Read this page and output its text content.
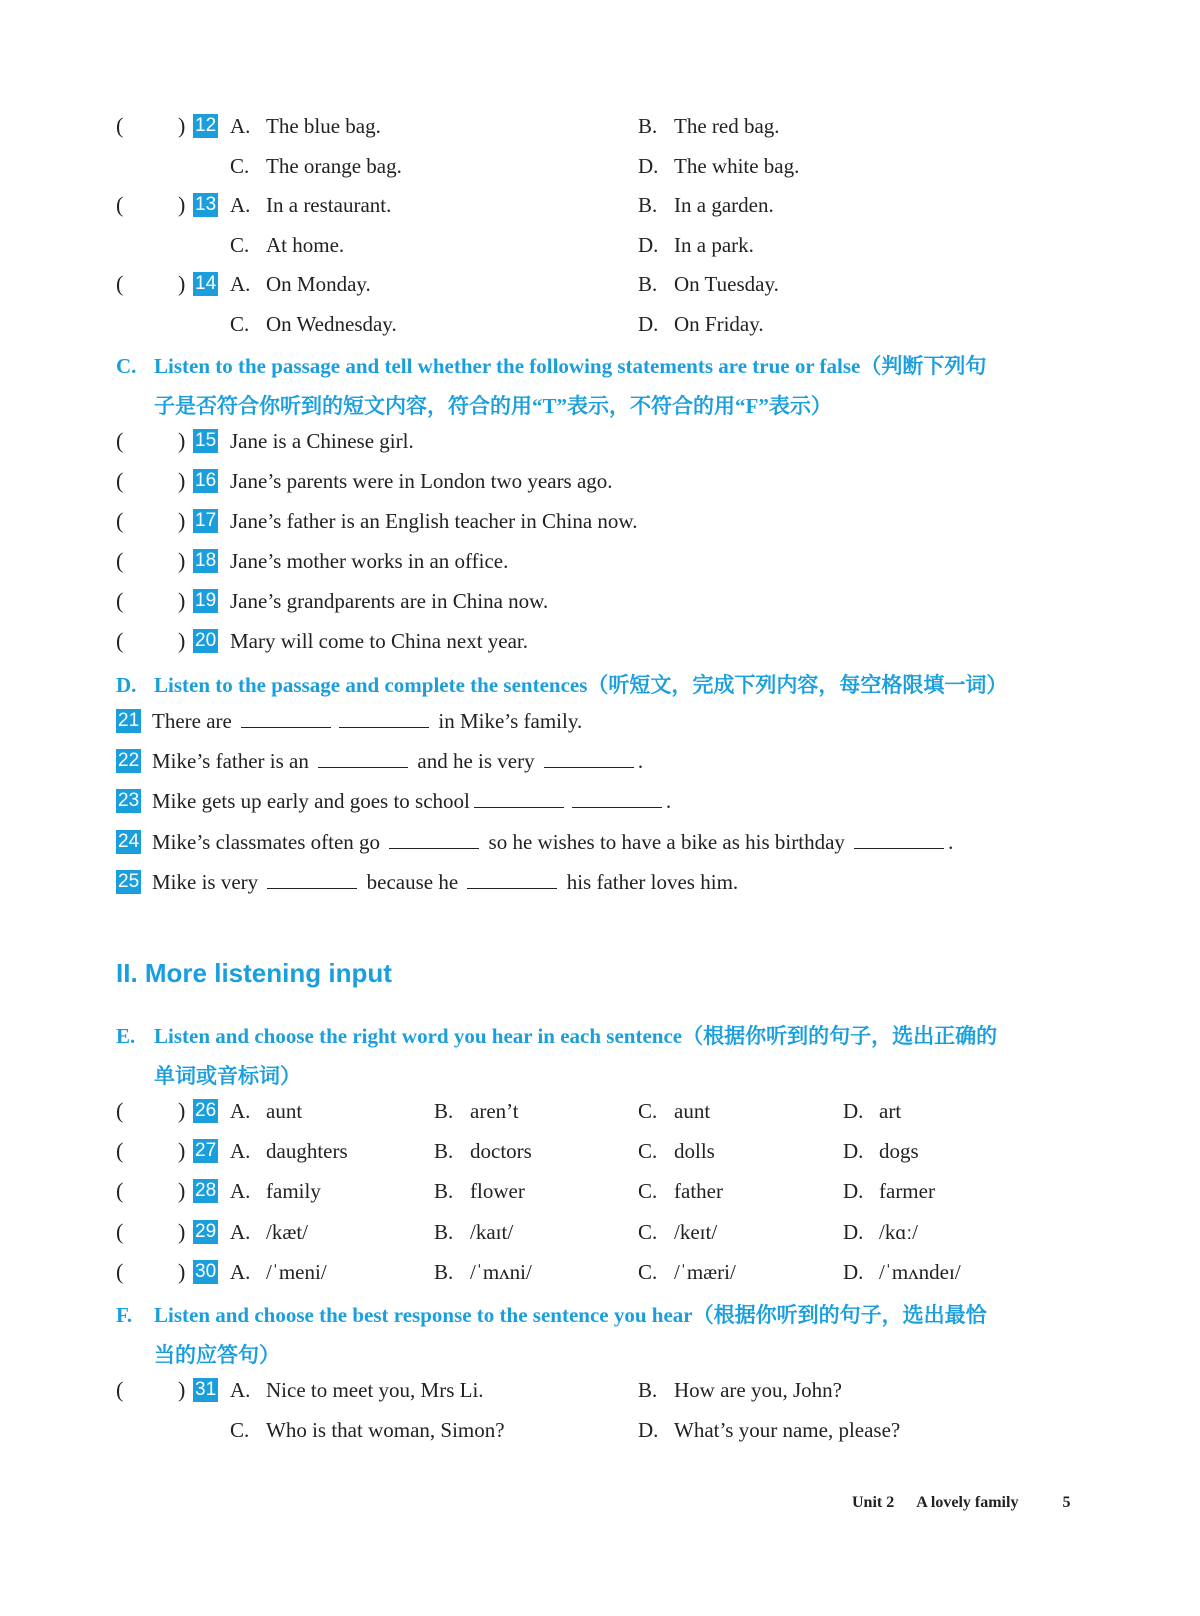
( ) 12 A. The blue bag.	B. The red bag.
C. The orange bag.	D. The white bag.
( ) 13 A. In a restaurant.	B. In a garden.
C. At home.	D. In a park.
( ) 14 A. On Monday.	B. On Tuesday.
C. On Wednesday.	D. On Friday.
C. Listen to the passage and tell whether the following statements are true or false（判断下列句
子是否符合你听到的短文内容，符合的用“T”表示，不符合的用“F”表示）
( ) 15 Jane is a Chinese girl.
( ) 16 Jane’s parents were in London two years ago.
( ) 17 Jane’s father is an English teacher in China now.
( ) 18 Jane’s mother works in an office.
( ) 19 Jane’s grandparents are in China now.
( ) 20 Mary will come to China next year.
D. Listen to the passage and complete the sentences（听短文，完成下列内容，每空格限填一词）
21 There are	in Mike’s family.
22 Mike’s father is an	and he is very	.
23 Mike gets up early and goes to school	.
24 Mike’s classmates often go	so he wishes to have a bike as his birthday	.
25 Mike is very	because he	his father loves him.
II. More listening input
E. Listen and choose the right word you hear in each sentence（根据你听到的句子，选出正确的
单词或音标词）
( ) 26 A. aunt	B. aren’t	C. aunt	D. art
( ) 27 A. daughters	B. doctors	C. dolls	D. dogs
( ) 28 A. family	B. flower	C. father	D. farmer
( ) 29 A. /kæt/	B. /kaɪt/	C. /keɪt/	D. /kɑː/
( ) 30 A. /ˈmeni/	B. /ˈmʌni/	C. /ˈmæri/	D. /ˈmʌndeɪ/
F. Listen and choose the best response to the sentence you hear（根据你听到的句子，选出最恰
当的应答句）
( ) 31 A. Nice to meet you, Mrs Li.	B. How are you, John?
C. Who is that woman, Simon?	D. What’s your name, please?
Unit 2 A lovely family	5
